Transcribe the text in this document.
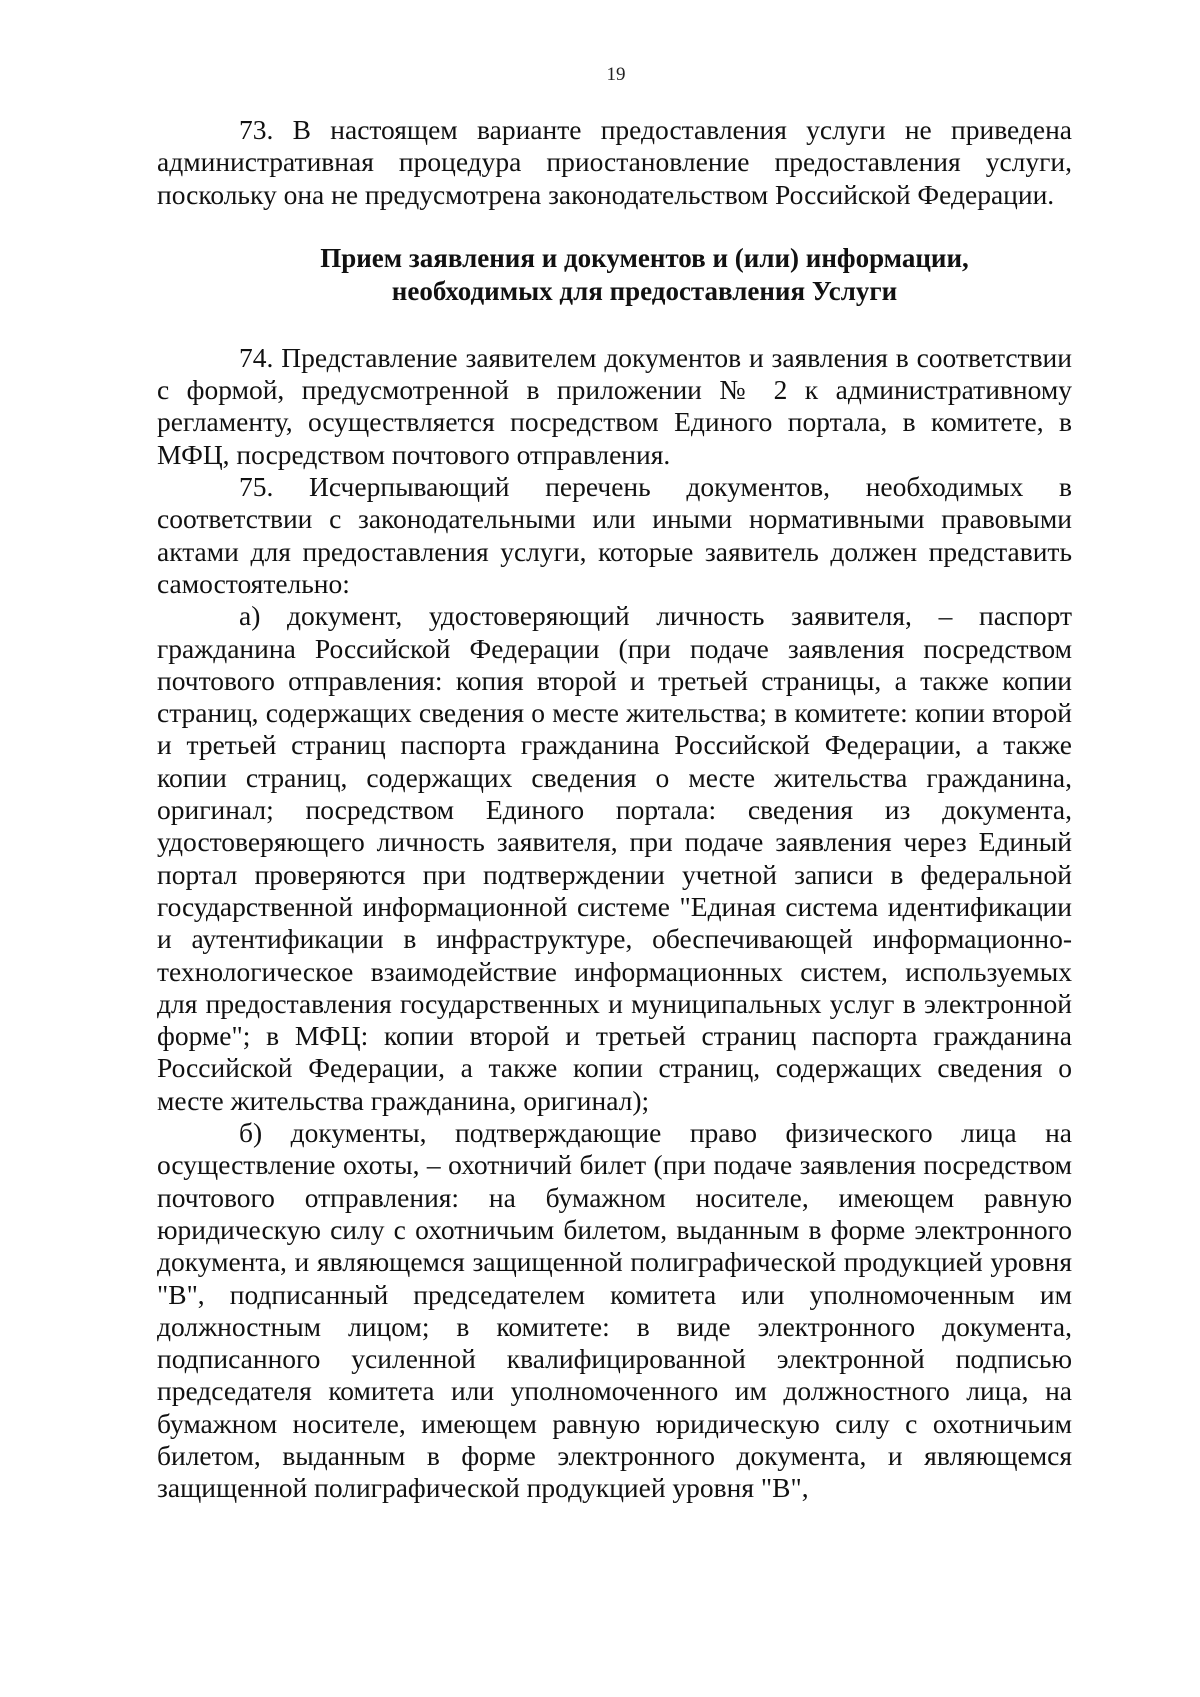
19

73. В настоящем варианте предоставления услуги не приведена административная процедура приостановление предоставления услуги, поскольку она не предусмотрена законодательством Российской Федерации.

Прием заявления и документов и (или) информации,
необходимых для предоставления Услуги

74. Представление заявителем документов и заявления в соответствии с формой, предусмотренной в приложении № 2 к административному регламенту, осуществляется посредством Единого портала, в комитете, в МФЦ, посредством почтового отправления.

75. Исчерпывающий перечень документов, необходимых в соответствии с законодательными или иными нормативными правовыми актами для предоставления услуги, которые заявитель должен представить самостоятельно:

а) документ, удостоверяющий личность заявителя, – паспорт гражданина Российской Федерации (при подаче заявления посредством почтового отправления: копия второй и третьей страницы, а также копии страниц, содержащих сведения о месте жительства; в комитете: копии второй и третьей страниц паспорта гражданина Российской Федерации, а также копии страниц, содержащих сведения о месте жительства гражданина, оригинал; посредством Единого портала: сведения из документа, удостоверяющего личность заявителя, при подаче заявления через Единый портал проверяются при подтверждении учетной записи в федеральной государственной информационной системе "Единая система идентификации и аутентификации в инфраструктуре, обеспечивающей информационно-технологическое взаимодействие информационных систем, используемых для предоставления государственных и муниципальных услуг в электронной форме"; в МФЦ: копии второй и третьей страниц паспорта гражданина Российской Федерации, а также копии страниц, содержащих сведения о месте жительства гражданина, оригинал);

б) документы, подтверждающие право физического лица на осуществление охоты, – охотничий билет (при подаче заявления посредством почтового отправления: на бумажном носителе, имеющем равную юридическую силу с охотничьим билетом, выданным в форме электронного документа, и являющемся защищенной полиграфической продукцией уровня "В", подписанный председателем комитета или уполномоченным им должностным лицом; в комитете: в виде электронного документа, подписанного усиленной квалифицированной электронной подписью председателя комитета или уполномоченного им должностного лица, на бумажном носителе, имеющем равную юридическую силу с охотничьим билетом, выданным в форме электронного документа, и являющемся защищенной полиграфической продукцией уровня "В",
